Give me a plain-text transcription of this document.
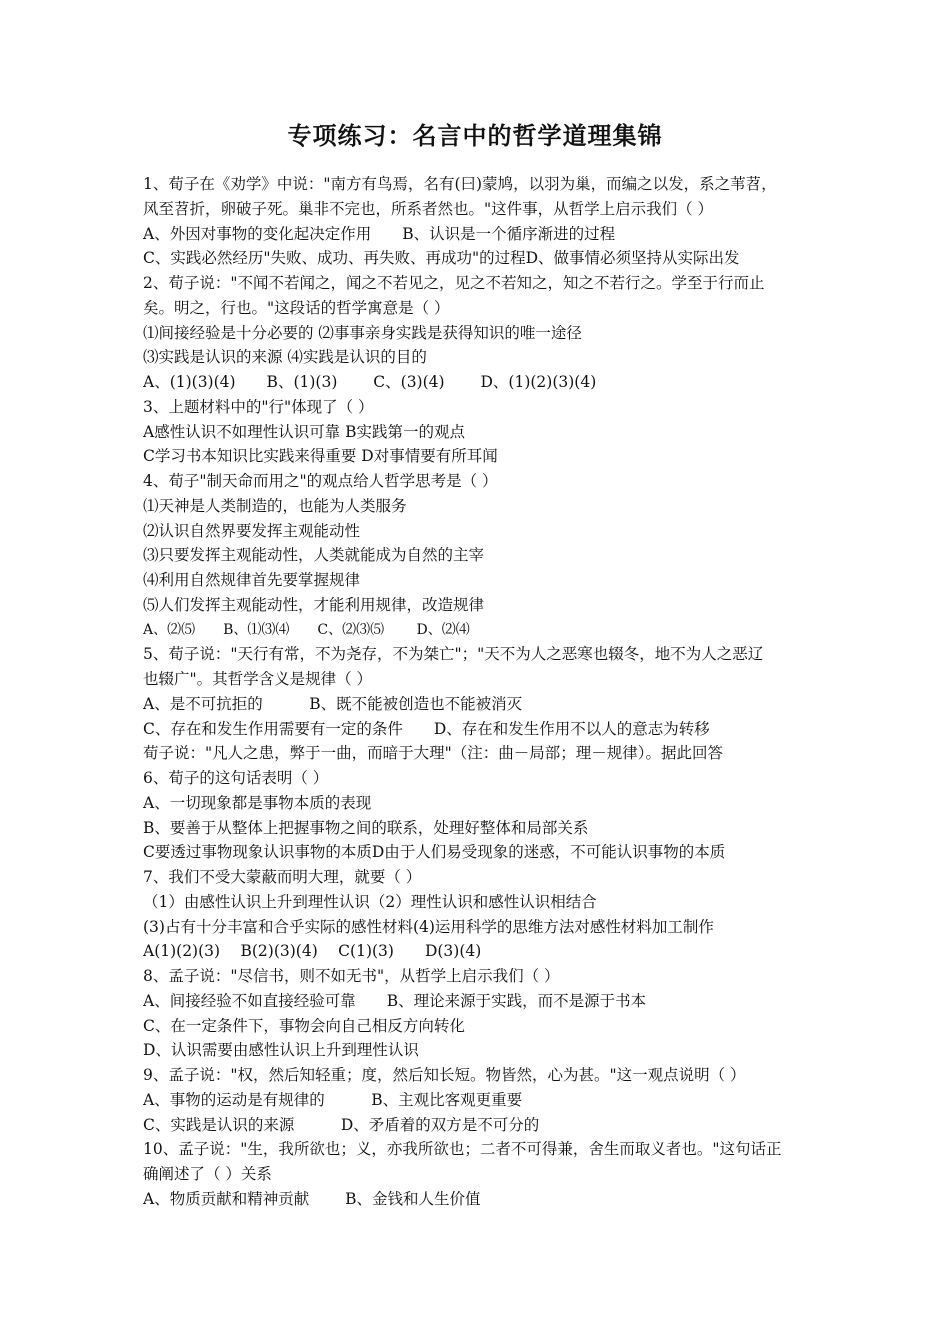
专项练习：名言中的哲学道理集锦
1、荀子在《劝学》中说："南方有鸟焉，名有(曰)蒙鸠，以羽为巢，而编之以发，系之苇苕，
风至苕折，卵破子死。巢非不完也，所系者然也。"这件事，从哲学上启示我们（ ）
A、外因对事物的变化起决定作用　　B、认识是一个循序渐进的过程
C、实践必然经历"失败、成功、再失败、再成功"的过程D、做事情必须坚持从实际出发
2、荀子说："不闻不若闻之，闻之不若见之，见之不若知之，知之不若行之。学至于行而止
矣。明之，行也。"这段话的哲学寓意是（ ）
⑴间接经验是十分必要的 ⑵事事亲身实践是获得知识的唯一途径
⑶实践是认识的来源 ⑷实践是认识的目的
A、(1)(3)(4)　　B、(1)(3)　　 C、(3)(4)　　 D、(1)(2)(3)(4)
3、上题材料中的"行"体现了（ ）
A感性认识不如理性认识可靠 B实践第一的观点
C学习书本知识比实践来得重要 D对事情要有所耳闻
4、荀子"制天命而用之"的观点给人哲学思考是（ ）
⑴天神是人类制造的，也能为人类服务
⑵认识自然界要发挥主观能动性
⑶只要发挥主观能动性，人类就能成为自然的主宰
⑷利用自然规律首先要掌握规律
⑸人们发挥主观能动性，才能利用规律，改造规律
A、⑵⑸　　B、⑴⑶⑷　　C、⑵⑶⑸　　 D、⑵⑷
5、荀子说："天行有常，不为尧存，不为桀亡"；"天不为人之恶寒也辍冬，地不为人之恶辽
也辍广"。其哲学含义是规律（ ）
A、是不可抗拒的　　　B、既不能被创造也不能被消灭
C、存在和发生作用需要有一定的条件　　D、存在和发生作用不以人的意志为转移
荀子说："凡人之患，弊于一曲，而暗于大理"（注：曲－局部；理－规律）。据此回答
6、荀子的这句话表明（ ）
A、一切现象都是事物本质的表现
B、要善于从整体上把握事物之间的联系，处理好整体和局部关系
C要透过事物现象认识事物的本质D由于人们易受现象的迷惑，不可能认识事物的本质
7、我们不受大蒙蔽而明大理，就要（ ）
（1）由感性认识上升到理性认识（2）理性认识和感性认识相结合
(3)占有十分丰富和合乎实际的感性材料(4)运用科学的思维方法对感性材料加工制作
A(1)(2)(3)　 B(2)(3)(4)　 C(1)(3)　　D(3)(4)
8、孟子说："尽信书，则不如无书"，从哲学上启示我们（ ）
A、间接经验不如直接经验可靠　　B、理论来源于实践，而不是源于书本
C、在一定条件下，事物会向自己相反方向转化
D、认识需要由感性认识上升到理性认识
9、孟子说："权，然后知轻重；度，然后知长短。物皆然，心为甚。"这一观点说明（ ）
A、事物的运动是有规律的　　　B、主观比客观更重要
C、实践是认识的来源　　　D、矛盾着的双方是不可分的
10、孟子说："生，我所欲也；义，亦我所欲也；二者不可得兼，舍生而取义者也。"这句话正
确阐述了（ ）关系
A、物质贡献和精神贡献　　 B、金钱和人生价值
